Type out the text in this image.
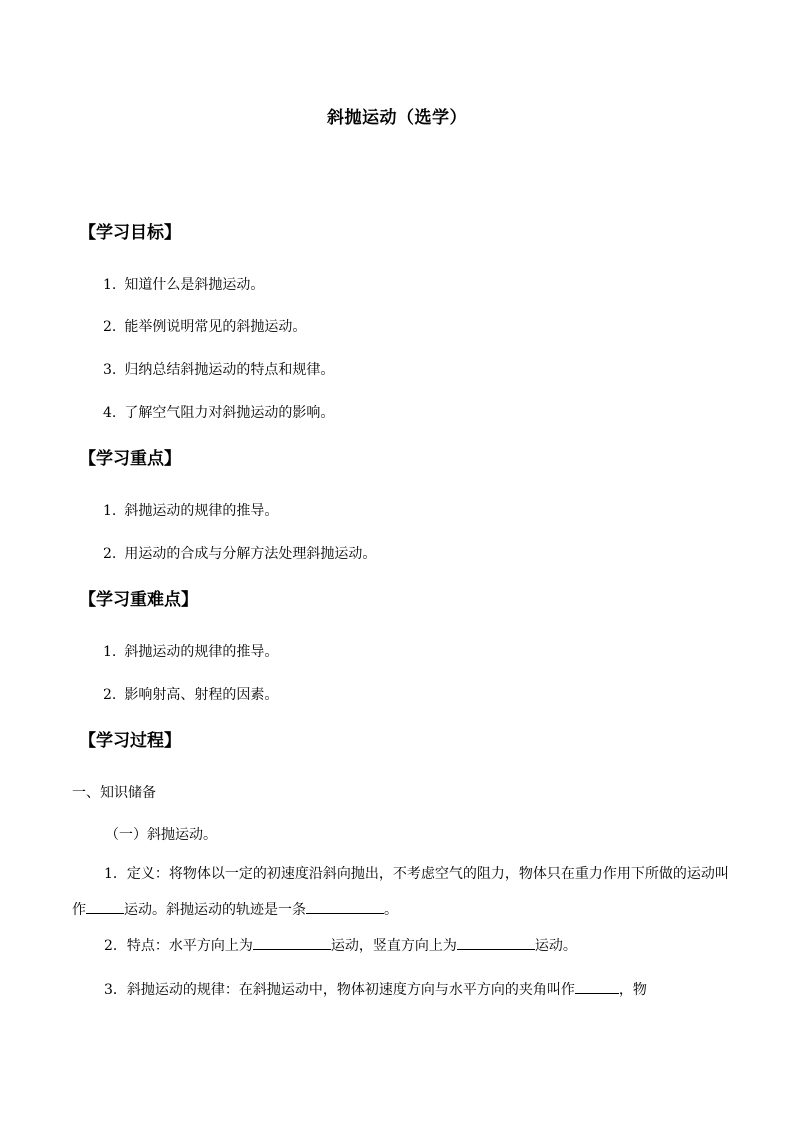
斜抛运动（选学）
【学习目标】
1. 知道什么是斜抛运动。
2. 能举例说明常见的斜抛运动。
3. 归纳总结斜抛运动的特点和规律。
4. 了解空气阻力对斜抛运动的影响。
【学习重点】
1. 斜抛运动的规律的推导。
2. 用运动的合成与分解方法处理斜抛运动。
【学习重难点】
1. 斜抛运动的规律的推导。
2. 影响射高、射程的因素。
【学习过程】
一、知识储备
（一）斜抛运动。
1．定义：将物体以一定的初速度沿斜向抛出，不考虑空气的阻力，物体只在重力作用下所做的运动叫作	运动。斜抛运动的轨迹是一条	。
2．特点：水平方向上为	运动，竖直方向上为	运动。
3．斜抛运动的规律：在斜抛运动中，物体初速度方向与水平方向的夹角叫作	，物
